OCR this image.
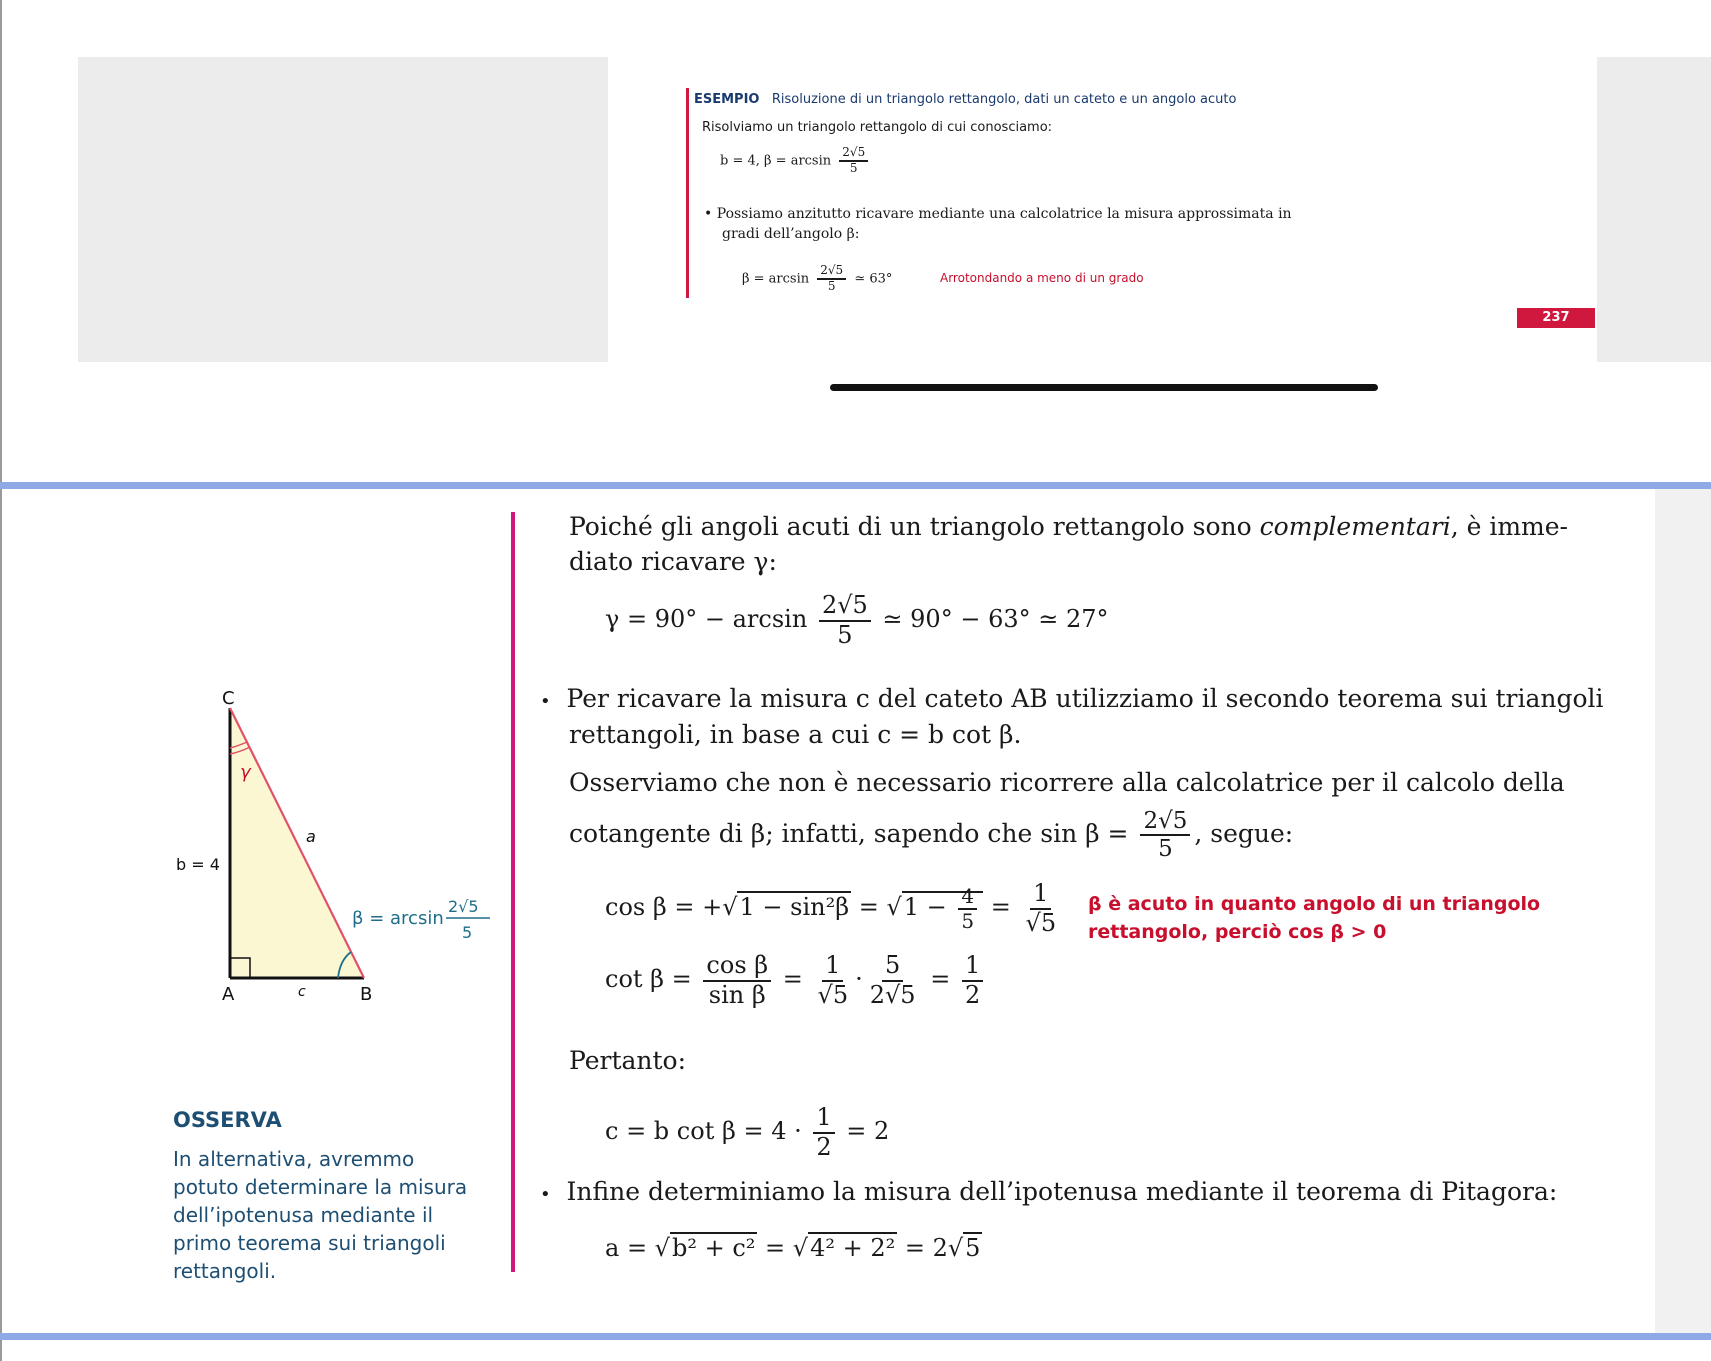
ESEMPIO Risoluzione di un triangolo rettangolo, dati un cateto e un angolo acuto
Risolviamo un triangolo rettangolo di cui conosciamo:
b = 4, $\beta = \arcsin \frac{2√5}{5}$
• Possiamo anzitutto ricavare mediante una calcolatrice la misura approssimata in
gradi dell’angolo β:
$\beta = \arcsin \frac{2√5}{5}$ ≃ 63°	Arrotondando a meno di un grado
237
Poiché gli angoli acuti di un triangolo rettangolo sono complementari, è imme-
diato ricavare γ:
$\gamma = 90^\circ - \arcsin \frac{2√5}{5}$ ≃ 90° − 63° ≃ 27°
• Per ricavare la misura c del cateto AB utilizziamo il secondo teorema sui triangoli
rettangoli, in base a cui c = b cot β.
Osserviamo che non è necessario ricorrere alla calcolatrice per il calcolo della
cotangente di β; infatti, sapendo che $\sin \beta = \frac{2√5}{5}$ , segue:
$\cos \beta = +√1 - \sin^2\beta = √1 - \frac{4}{5} = \frac{1}{√5}$ β è acuto in quanto angolo di un triangolo
rettangolo, perciò cos β > 0
$\cot \beta = \frac{\text{cos β}}{\text{sin β}} = \frac{1}{√5} \cdot \frac{5}{2√5} = \frac{1}{2}$
Pertanto:
c = b $\cot \beta = 4 \cdot \frac{1}{2} = 2$
• Infine determiniamo la misura dell’ipotenusa mediante il teorema di Pitagora:
a = √b² + c² = √4² + 2² = 2√5
C
A	B
γ
a
b = 4
c
β = arcsin
2√5
5
OSSERVA
In alternativa, avremmo
potuto determinare la misura
dell’ipotenusa mediante il
primo teorema sui triangoli
rettangoli.
